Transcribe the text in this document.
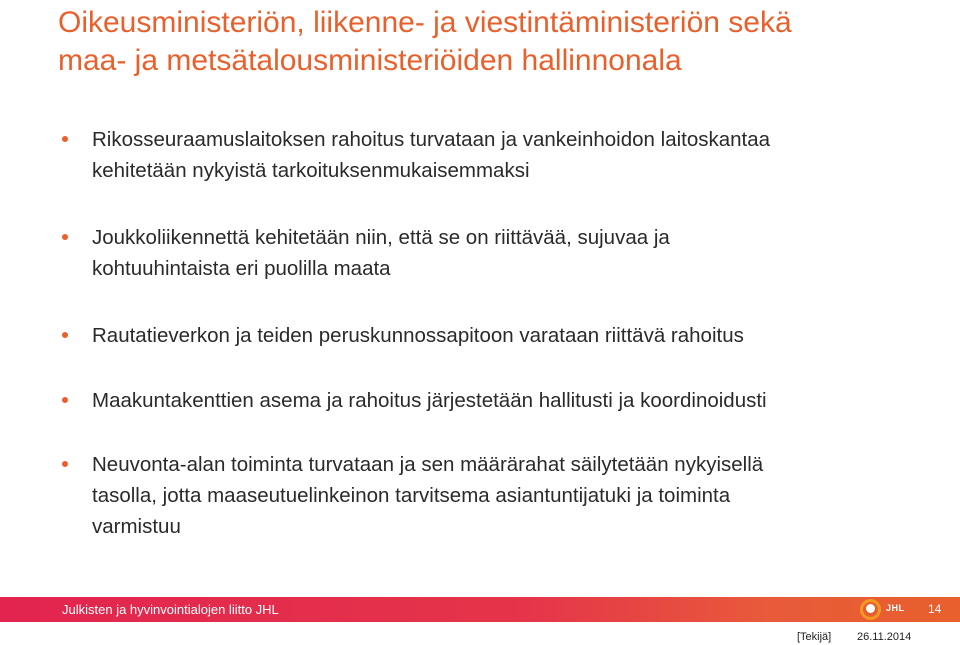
Oikeusministeriön, liikenne- ja viestintäministeriön sekä
maa- ja metsätalousministeriöiden hallinnonala
Rikosseuraamuslaitoksen rahoitus turvataan ja vankeinhoidon laitoskantaa
kehitetään nykyistä tarkoituksenmukaisemmaksi
Joukkoliikennettä kehitetään niin, että se on riittävää, sujuvaa ja
kohtuuhintaista eri puolilla maata
Rautatieverkon ja teiden peruskunnossapitoon varataan riittävä rahoitus
Maakuntakenttien asema ja rahoitus järjestetään hallitusti ja koordinoidusti
Neuvonta-alan toiminta turvataan ja sen määrärahat säilytetään nykyisellä
tasolla, jotta maaseutuelinkeinon tarvitsema asiantuntijatuki ja toiminta
varmistuu
Julkisten ja hyvinvointialojen liitto JHL	JHL 14
[Tekijä] 26.11.2014
